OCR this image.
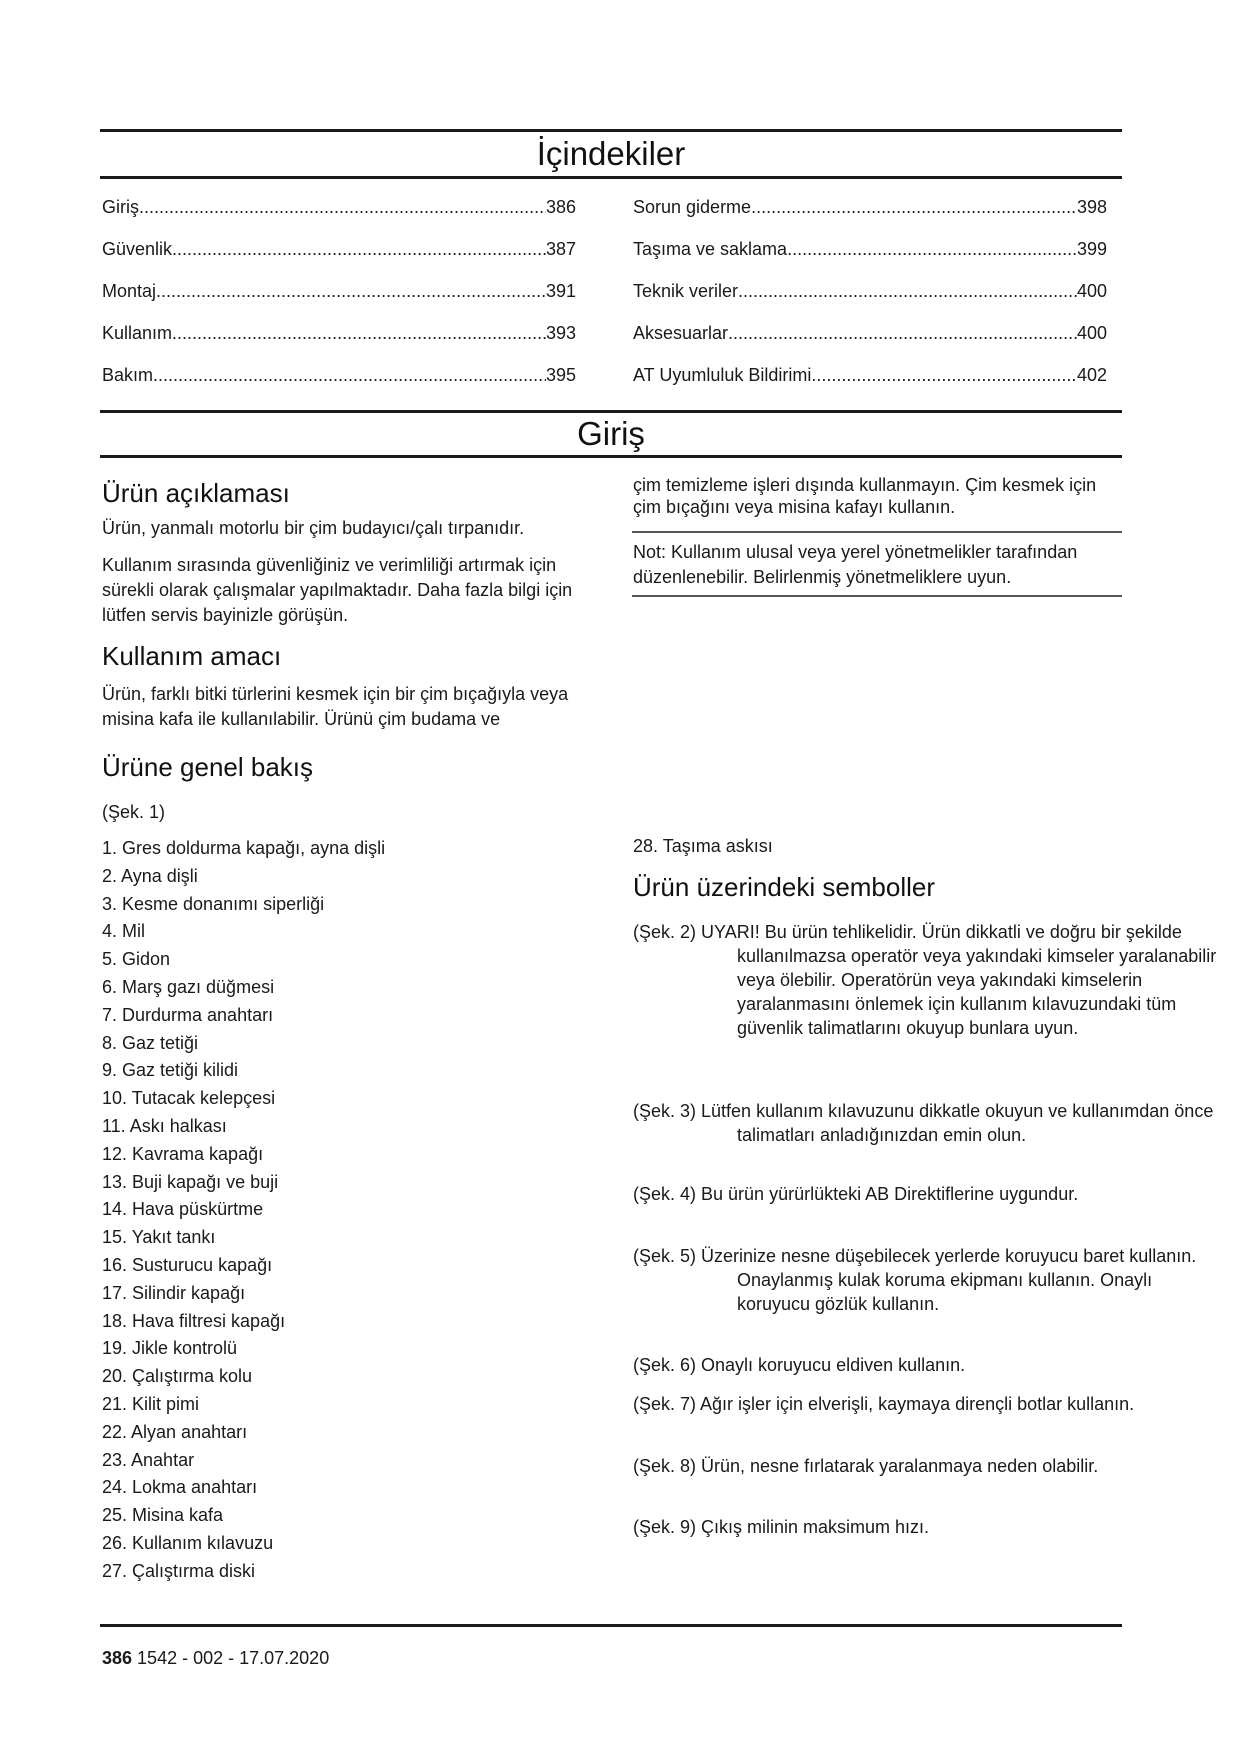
İçindekiler
Giriş .....	386
Güvenlik .....	387
Montaj .....	391
Kullanım .....	393
Bakım .....	395
Sorun giderme .....	398
Taşıma ve saklama .....	399
Teknik veriler .....	400
Aksesuarlar .....	400
AT Uyumluluk Bildirimi .....	402
Giriş
Ürün açıklaması

Ürün, yanmalı motorlu bir çim budayıcı/çalı tırpanıdır.

Kullanım sırasında güvenliğiniz ve verimliliği artırmak için sürekli olarak çalışmalar yapılmaktadır. Daha fazla bilgi için lütfen servis bayinizle görüşün.

Kullanım amacı

Ürün, farklı bitki türlerini kesmek için bir çim bıçağıyla veya misina kafa ile kullanılabilir. Ürünü çim budama ve

çim temizleme işleri dışında kullanmayın. Çim kesmek için çim bıçağını veya misina kafayı kullanın.

Not: Kullanım ulusal veya yerel yönetmelikler tarafından düzenlenebilir. Belirlenmiş yönetmeliklere uyun.

Ürüne genel bakış

(Şek. 1)

1. Gres doldurma kapağı, ayna dişli
2. Ayna dişli
3. Kesme donanımı siperliği
4. Mil
5. Gidon
6. Marş gazı düğmesi
7. Durdurma anahtarı
8. Gaz tetiği
9. Gaz tetiği kilidi
10. Tutacak kelepçesi
11. Askı halkası
12. Kavrama kapağı
13. Buji kapağı ve buji
14. Hava püskürtme
15. Yakıt tankı
16. Susturucu kapağı
17. Silindir kapağı
18. Hava filtresi kapağı
19. Jikle kontrolü
20. Çalıştırma kolu
21. Kilit pimi
22. Alyan anahtarı
23. Anahtar
24. Lokma anahtarı
25. Misina kafa
26. Kullanım kılavuzu
27. Çalıştırma diski

28. Taşıma askısı

Ürün üzerindeki semboller

(Şek. 2) UYARI! Bu ürün tehlikelidir. Ürün dikkatli ve doğru bir şekilde kullanılmazsa operatör veya yakındaki kimseler yaralanabilir veya ölebilir. Operatörün veya yakındaki kimselerin yaralanmasını önlemek için kullanım kılavuzundaki tüm güvenlik talimatlarını okuyup bunlara uyun.

(Şek. 3) Lütfen kullanım kılavuzunu dikkatle okuyun ve kullanımdan önce talimatları anladığınızdan emin olun.

(Şek. 4) Bu ürün yürürlükteki AB Direktiflerine uygundur.

(Şek. 5) Üzerinize nesne düşebilecek yerlerde koruyucu baret kullanın. Onaylanmış kulak koruma ekipmanı kullanın. Onaylı koruyucu gözlük kullanın.

(Şek. 6) Onaylı koruyucu eldiven kullanın.

(Şek. 7) Ağır işler için elverişli, kaymaya dirençli botlar kullanın.

(Şek. 8) Ürün, nesne fırlatarak yaralanmaya neden olabilir.

(Şek. 9) Çıkış milinin maksimum hızı.

386 1542 - 002 - 17.07.2020
